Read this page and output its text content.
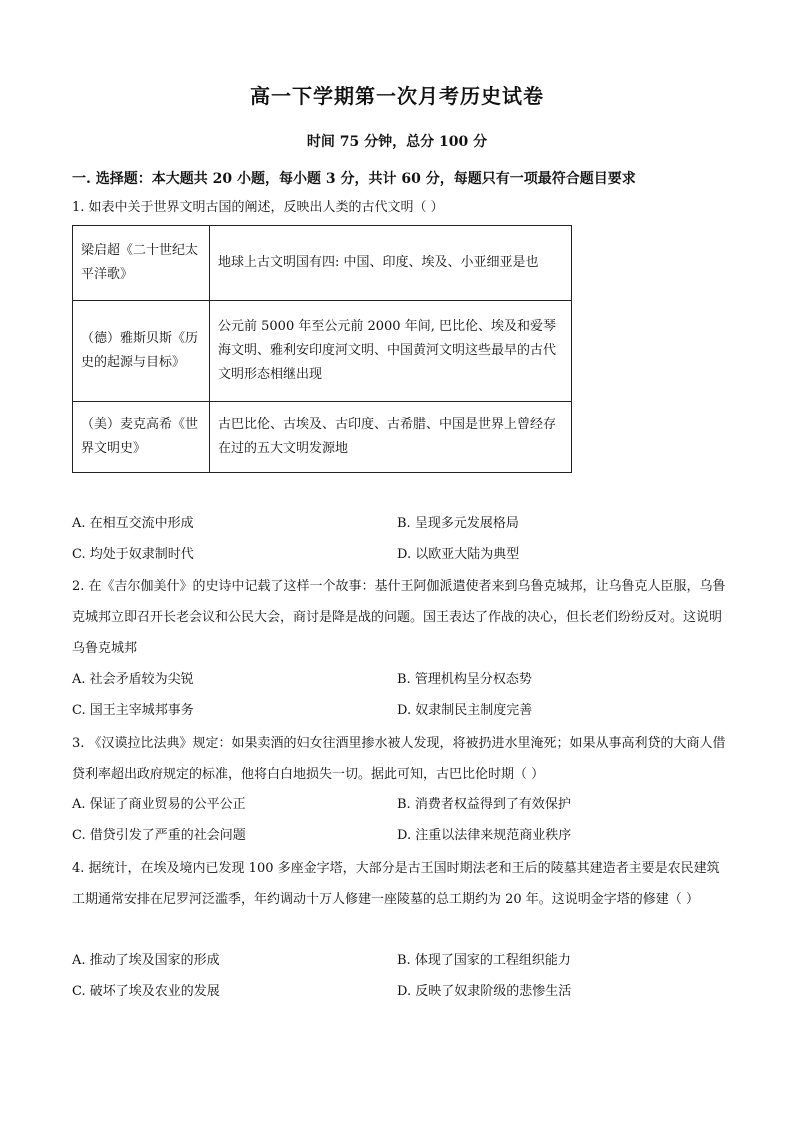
高一下学期第一次月考历史试卷
时间 75 分钟，总分 100 分
一. 选择题：本大题共 20 小题，每小题 3 分，共计 60 分，每题只有一项最符合题目要求
1. 如表中关于世界文明古国的阐述，反映出人类的古代文明（ ）
梁启超《二十世纪太平洋歌》	地球上古文明国有四: 中国、印度、埃及、小亚细亚是也
（德）雅斯贝斯《历史的起源与目标》	公元前 5000 年至公元前 2000 年间, 巴比伦、埃及和爱琴海文明、雅利安印度河文明、中国黄河文明这些最早的古代文明形态相继出现
（美）麦克高希《世界文明史》	古巴比伦、古埃及、古印度、古希腊、中国是世界上曾经存在过的五大文明发源地
A. 在相互交流中形成	B. 呈现多元发展格局
C. 均处于奴隶制时代	D. 以欧亚大陆为典型
2. 在《吉尔伽美什》的史诗中记载了这样一个故事：基什王阿伽派遣使者来到乌鲁克城邦，让乌鲁克人臣服，乌鲁克城邦立即召开长老会议和公民大会，商讨是降是战的问题。国王表达了作战的决心，但长老们纷纷反对。这说明乌鲁克城邦
A. 社会矛盾较为尖锐	B. 管理机构呈分权态势
C. 国王主宰城邦事务	D. 奴隶制民主制度完善
3. 《汉谟拉比法典》规定：如果卖酒的妇女往酒里掺水被人发现，将被扔进水里淹死；如果从事高利贷的大商人借贷利率超出政府规定的标准，他将白白地损失一切。据此可知，古巴比伦时期（ ）
A. 保证了商业贸易的公平公正	B. 消费者权益得到了有效保护
C. 借贷引发了严重的社会问题	D. 注重以法律来规范商业秩序
4. 据统计，在埃及境内已发现 100 多座金字塔，大部分是古王国时期法老和王后的陵墓其建造者主要是农民建筑工期通常安排在尼罗河泛滥季，年约调动十万人修建一座陵墓的总工期约为 20 年。这说明金字塔的修建（ ）
A. 推动了埃及国家的形成	B. 体现了国家的工程组织能力
C. 破坏了埃及农业的发展	D. 反映了奴隶阶级的悲惨生活
